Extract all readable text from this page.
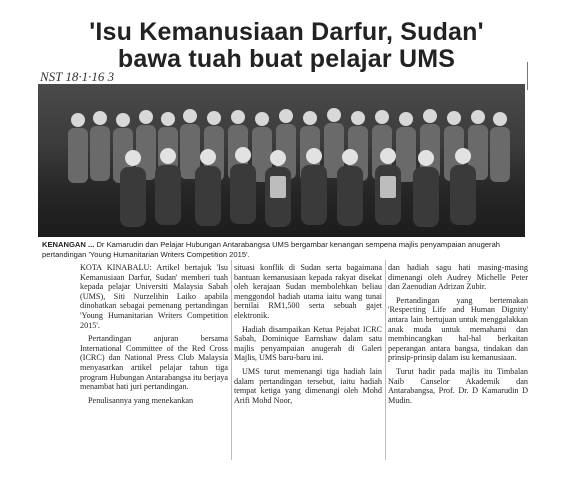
'Isu Kemanusiaan Darfur, Sudan'
bawa tuah buat pelajar UMS
NST 18·1·16 3
KENANGAN ... Dr Kamarudin dan Pelajar Hubungan Antarabangsa UMS bergambar kenangan sempena majlis penyampaian anugerah pertandingan 'Young Humanitarian Writers Competition 2015'.

KOTA KINABALU: Artikel bertajuk 'Isu Kemanusiaan Darfur, Sudan' memberi tuah kepada pelajar Universiti Malaysia Sabah (UMS), Siti Nurzelihin Laiko apabila dinobatkan sebagai pemenang pertandingan 'Young Humanitarian Writers Competition 2015'.

Pertandingan anjuran bersama International Committee of the Red Cross (ICRC) dan National Press Club Malaysia menyasarkan artikel pelajar tahun tiga program Hubungan Antarabangsa itu berjaya menambat hati juri pertandingan.

Penulisannya yang menekankan

situasi konflik di Sudan serta bagaimana bantuan kemanusiaan kepada rakyat disekat oleh kerajaan Sudan membolehkan beliau menggondol hadiah utama iaitu wang tunai bernilai RM1,500 serta sebuah gajet elektronik.

Hadiah disampaikan Ketua Pejabat ICRC Sabah, Dominique Earnshaw dalam satu majlis penyampaian anugerah di Galeri Majlis, UMS baru-baru ini.

UMS turut memenangi tiga hadiah lain dalam pertandingan tersebut, iaitu hadiah tempat ketiga yang dimenangi oleh Mohd Arifi Mohd Noor,

dan hadiah sagu hati masing-masing dimenangi oleh Audrey Michelle Peter dan Zaenudian Adrizan Zubir.

Pertandingan yang bertemakan 'Respecting Life and Human Dignity' antara lain bertujuan untuk menggalakkan anak muda untuk memahami dan membincangkan hal-hal berkaitan peperangan antara bangsa, tindakan dan prinsip-prinsip dalam isu kemanusiaan.

Turut hadir pada majlis itu Timbalan Naib Canselor Akademik dan Antarabangsa, Prof. Dr. D Kamarudin D Mudin.
